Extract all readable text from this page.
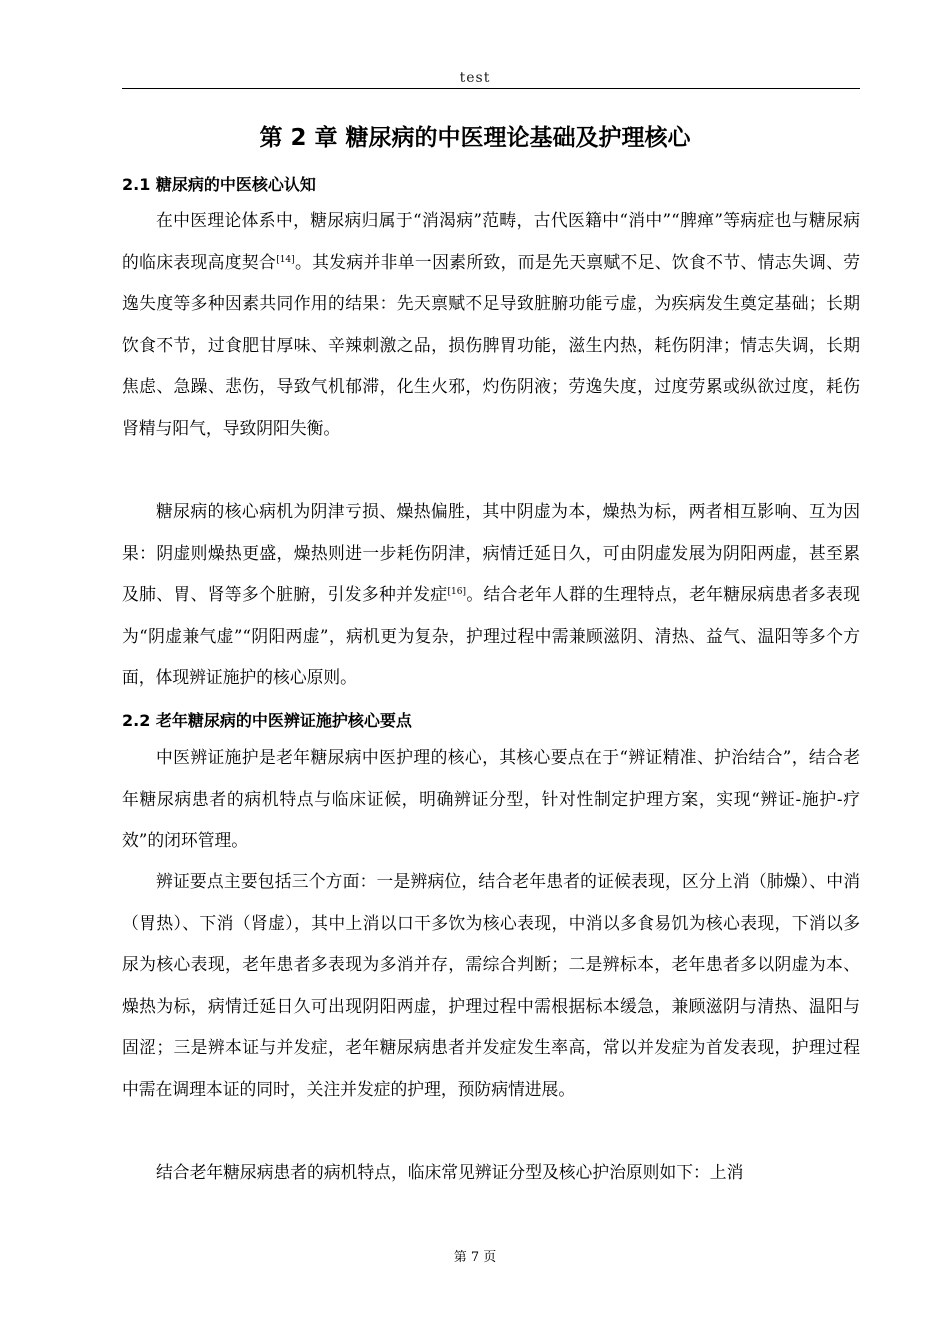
test
第 2 章 糖尿病的中医理论基础及护理核心
2.1 糖尿病的中医核心认知
在中医理论体系中，糖尿病归属于“消渴病”范畴，古代医籍中“消中”“脾瘅”等病症也与糖尿病的临床表现高度契合[14]。其发病并非单一因素所致，而是先天禀赋不足、饮食不节、情志失调、劳逸失度等多种因素共同作用的结果：先天禀赋不足导致脏腑功能亏虚，为疾病发生奠定基础；长期饮食不节，过食肥甘厚味、辛辣刺激之品，损伤脾胃功能，滋生内热，耗伤阴津；情志失调，长期焦虑、急躁、悲伤，导致气机郁滞，化生火邪，灼伤阴液；劳逸失度，过度劳累或纵欲过度，耗伤肾精与阳气，导致阴阳失衡。
糖尿病的核心病机为阴津亏损、燥热偏胜，其中阴虚为本，燥热为标，两者相互影响、互为因果：阴虚则燥热更盛，燥热则进一步耗伤阴津，病情迁延日久，可由阴虚发展为阴阳两虚，甚至累及肺、胃、肾等多个脏腑，引发多种并发症[16]。结合老年人群的生理特点，老年糖尿病患者多表现为“阴虚兼气虚”“阴阳两虚”，病机更为复杂，护理过程中需兼顾滋阴、清热、益气、温阳等多个方面，体现辨证施护的核心原则。
2.2 老年糖尿病的中医辨证施护核心要点
中医辨证施护是老年糖尿病中医护理的核心，其核心要点在于“辨证精准、护治结合”，结合老年糖尿病患者的病机特点与临床证候，明确辨证分型，针对性制定护理方案，实现“辨证-施护-疗效”的闭环管理。
辨证要点主要包括三个方面：一是辨病位，结合老年患者的证候表现，区分上消（肺燥）、中消（胃热）、下消（肾虚），其中上消以口干多饮为核心表现，中消以多食易饥为核心表现，下消以多尿为核心表现，老年患者多表现为多消并存，需综合判断；二是辨标本，老年患者多以阴虚为本、燥热为标，病情迁延日久可出现阴阳两虚，护理过程中需根据标本缓急，兼顾滋阴与清热、温阳与固涩；三是辨本证与并发症，老年糖尿病患者并发症发生率高，常以并发症为首发表现，护理过程中需在调理本证的同时，关注并发症的护理，预防病情进展。
结合老年糖尿病患者的病机特点，临床常见辨证分型及核心护治原则如下：上消
第 7 页
